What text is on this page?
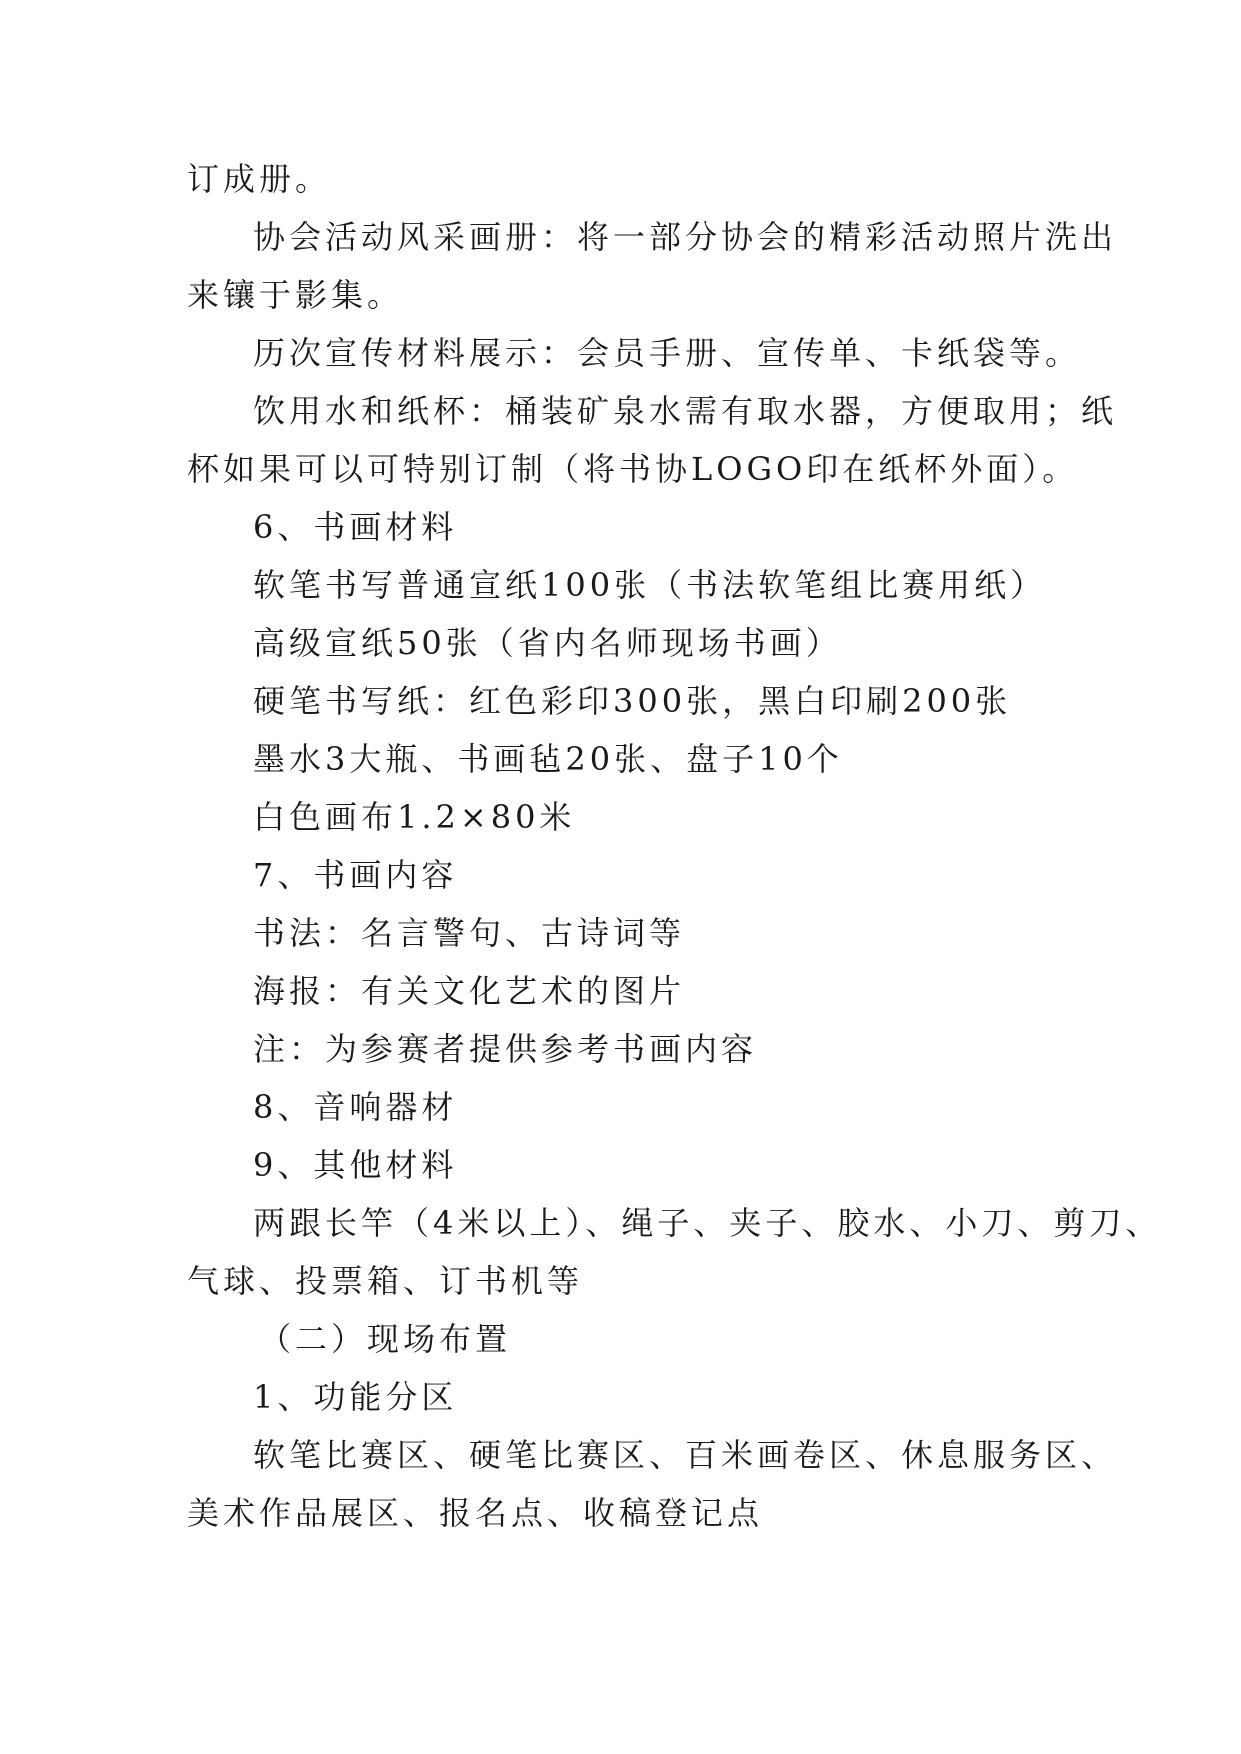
订成册。
协会活动风采画册：将一部分协会的精彩活动照片洗出
来镶于影集。
历次宣传材料展示：会员手册、宣传单、卡纸袋等。
饮用水和纸杯：桶装矿泉水需有取水器，方便取用；纸
杯如果可以可特别订制（将书协LOGO印在纸杯外面）。
6、书画材料
软笔书写普通宣纸100张（书法软笔组比赛用纸）
高级宣纸50张（省内名师现场书画）
硬笔书写纸：红色彩印300张，黑白印刷200张
墨水3大瓶、书画毡20张、盘子10个
白色画布1.2×80米
7、书画内容
书法：名言警句、古诗词等
海报：有关文化艺术的图片
注：为参赛者提供参考书画内容
8、音响器材
9、其他材料
两跟长竿（4米以上）、绳子、夹子、胶水、小刀、剪刀、
气球、投票箱、订书机等
（二）现场布置
1、功能分区
软笔比赛区、硬笔比赛区、百米画卷区、休息服务区、
美术作品展区、报名点、收稿登记点
